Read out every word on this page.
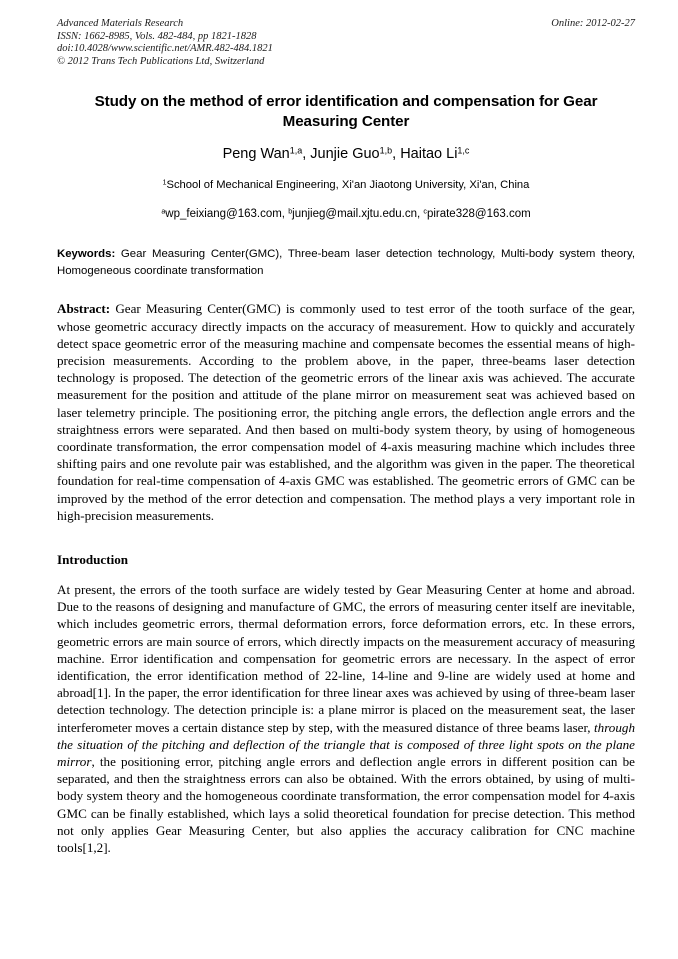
Advanced Materials Research
ISSN: 1662-8985, Vols. 482-484, pp 1821-1828
doi:10.4028/www.scientific.net/AMR.482-484.1821
© 2012 Trans Tech Publications Ltd, Switzerland
Online: 2012-02-27
Study on the method of error identification and compensation for Gear Measuring Center
Peng Wan$^{1,a}$, Junjie Guo$^{1,b}$, Haitao Li$^{1,c}$
$^1$School of Mechanical Engineering, Xi'an Jiaotong University, Xi'an, China
$^a$wp_feixiang@163.com, $^b$junjieg@mail.xjtu.edu.cn, $^c$pirate328@163.com
Keywords: Gear Measuring Center(GMC), Three-beam laser detection technology, Multi-body system theory, Homogeneous coordinate transformation
Abstract: Gear Measuring Center(GMC) is commonly used to test error of the tooth surface of the gear, whose geometric accuracy directly impacts on the accuracy of measurement. How to quickly and accurately detect space geometric error of the measuring machine and compensate becomes the essential means of high-precision measurements. According to the problem above, in the paper, three-beams laser detection technology is proposed. The detection of the geometric errors of the linear axis was achieved. The accurate measurement for the position and attitude of the plane mirror on measurement seat was achieved based on laser telemetry principle. The positioning error, the pitching angle errors, the deflection angle errors and the straightness errors were separated. And then based on multi-body system theory, by using of homogeneous coordinate transformation, the error compensation model of 4-axis measuring machine which includes three shifting pairs and one revolute pair was established, and the algorithm was given in the paper. The theoretical foundation for real-time compensation of 4-axis GMC was established. The geometric errors of GMC can be improved by the method of the error detection and compensation. The method plays a very important role in high-precision measurements.
Introduction

At present, the errors of the tooth surface are widely tested by Gear Measuring Center at home and abroad. Due to the reasons of designing and manufacture of GMC, the errors of measuring center itself are inevitable, which includes geometric errors, thermal deformation errors, force deformation errors, etc. In these errors, geometric errors are main source of errors, which directly impacts on the measurement accuracy of measuring machine. Error identification and compensation for geometric errors are necessary. In the aspect of error identification, the error identification method of 22-line, 14-line and 9-line are widely used at home and abroad[1]. In the paper, the error identification for three linear axes was achieved by using of three-beam laser detection technology. The detection principle is: a plane mirror is placed on the measurement seat, the laser interferometer moves a certain distance step by step, with the measured distance of three beams laser, through the situation of the pitching and deflection of the triangle that is composed of three light spots on the plane mirror, the positioning error, pitching angle errors and deflection angle errors in different position can be separated, and then the straightness errors can also be obtained. With the errors obtained, by using of multi-body system theory and the homogeneous coordinate transformation, the error compensation model for 4-axis GMC can be finally established, which lays a solid theoretical foundation for precise detection. This method not only applies Gear Measuring Center, but also applies the accuracy calibration for CNC machine tools[1,2].
